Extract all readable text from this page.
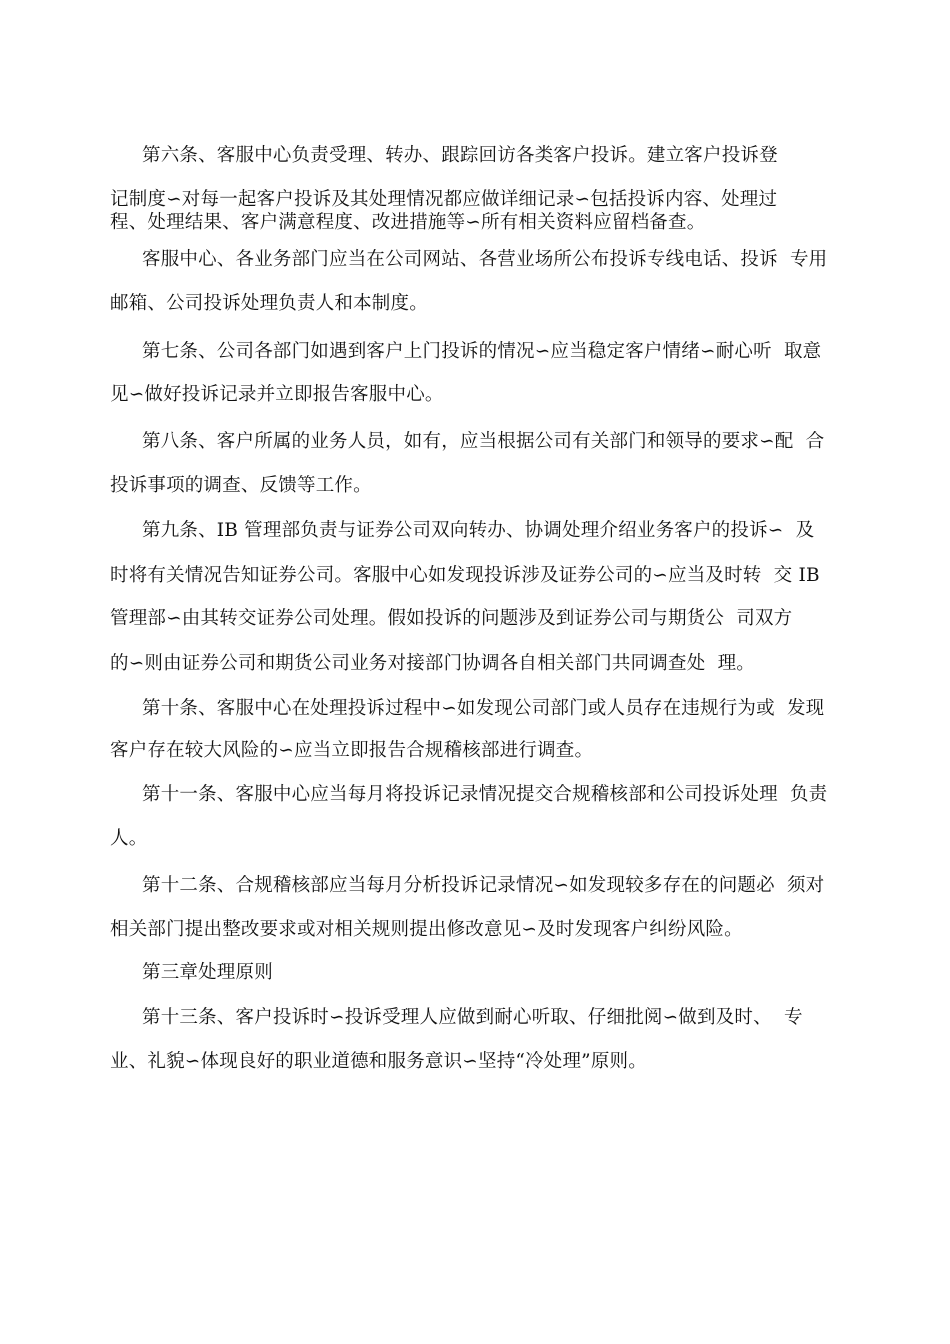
第六条、客服中心负责受理、转办、跟踪回访各类客户投诉。建立客户投诉登
记制度∽对每一起客户投诉及其处理情况都应做详细记录∽包括投诉内容、处理过
程、处理结果、客户满意程度、改进措施等∽所有相关资料应留档备查。
客服中心、各业务部门应当在公司网站、各营业场所公布投诉专线电话、投诉  专用
邮箱、公司投诉处理负责人和本制度。
第七条、公司各部门如遇到客户上门投诉的情况∽应当稳定客户情绪∽耐心听  取意
见∽做好投诉记录并立即报告客服中心。
第八条、客户所属的业务人员，如有，应当根据公司有关部门和领导的要求∽配  合
投诉事项的调查、反馈等工作。
第九条、IB 管理部负责与证券公司双向转办、协调处理介绍业务客户的投诉∽  及
时将有关情况告知证券公司。客服中心如发现投诉涉及证券公司的∽应当及时转  交 IB
管理部∽由其转交证券公司处理。假如投诉的问题涉及到证券公司与期货公  司双方
的∽则由证券公司和期货公司业务对接部门协调各自相关部门共同调查处  理。
第十条、客服中心在处理投诉过程中∽如发现公司部门或人员存在违规行为或  发现
客户存在较大风险的∽应当立即报告合规稽核部进行调查。
第十一条、客服中心应当每月将投诉记录情况提交合规稽核部和公司投诉处理  负责
人。
第十二条、合规稽核部应当每月分析投诉记录情况∽如发现较多存在的问题必  须对
相关部门提出整改要求或对相关规则提出修改意见∽及时发现客户纠纷风险。
第三章处理原则
第十三条、客户投诉时∽投诉受理人应做到耐心听取、仔细批阅∽做到及时、  专
业、礼貌∽体现良好的职业道德和服务意识∽坚持“冷处理”原则。
